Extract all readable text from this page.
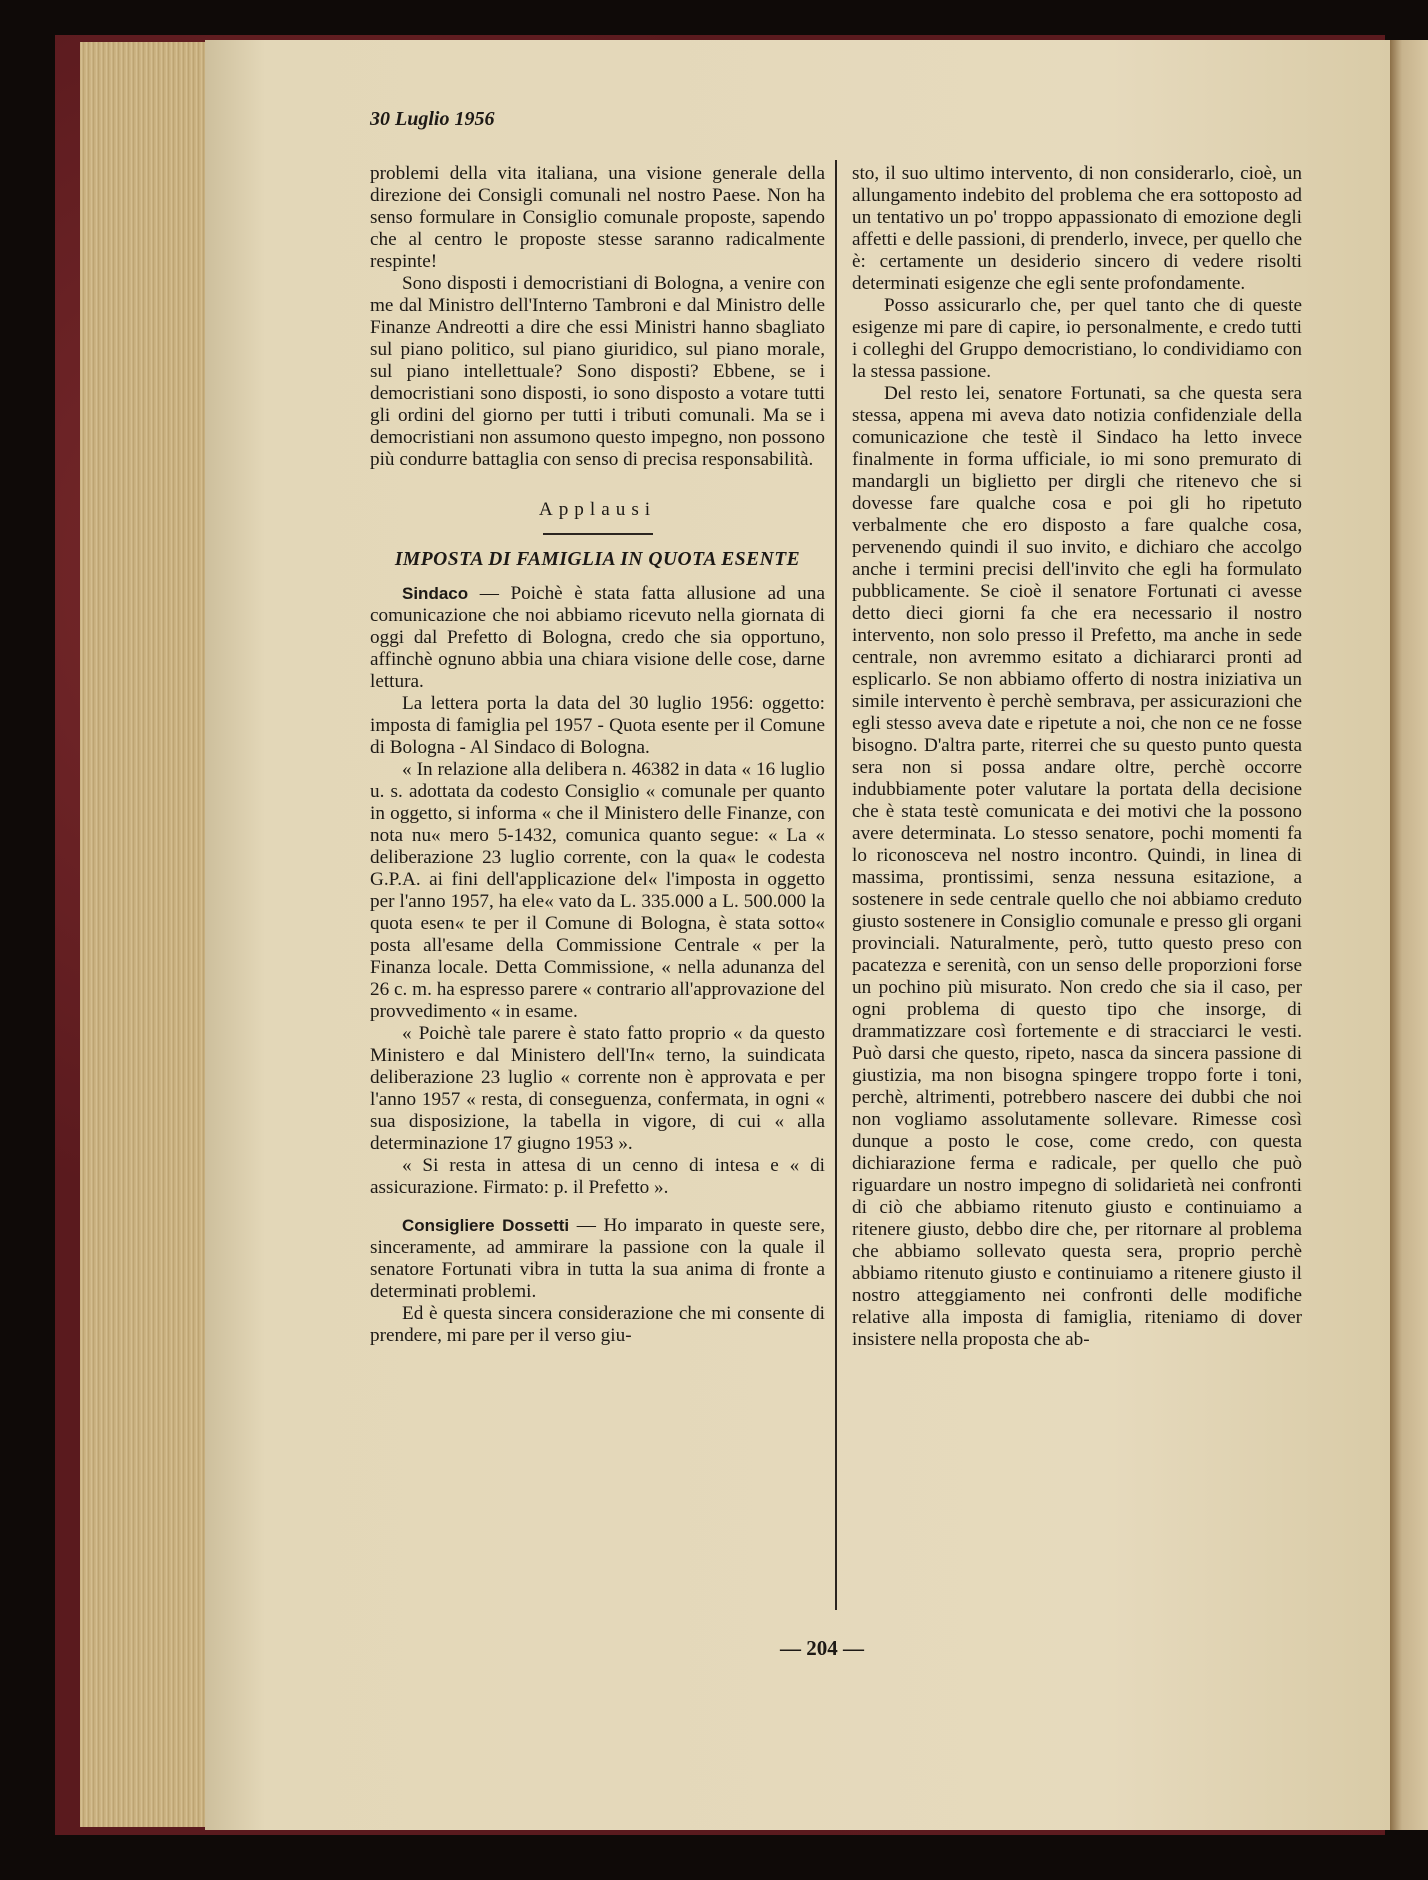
30 Luglio 1956

problemi della vita italiana, una visione generale della direzione dei Consigli comunali nel nostro Paese. Non ha senso formulare in Consiglio comunale proposte, sapendo che al centro le proposte stesse saranno radicalmente respinte!

Sono disposti i democristiani di Bologna, a venire con me dal Ministro dell'Interno Tambroni e dal Ministro delle Finanze Andreotti a dire che essi Ministri hanno sbagliato sul piano politico, sul piano giuridico, sul piano morale, sul piano intellettuale? Sono disposti? Ebbene, se i democristiani sono disposti, io sono disposto a votare tutti gli ordini del giorno per tutti i tributi comunali. Ma se i democristiani non assumono questo impegno, non possono più condurre battaglia con senso di precisa responsabilità.

Applausi

IMPOSTA DI FAMIGLIA IN QUOTA ESENTE

Sindaco — Poichè è stata fatta allusione ad una comunicazione che noi abbiamo ricevuto nella giornata di oggi dal Prefetto di Bologna, credo che sia opportuno, affinchè ognuno abbia una chiara visione delle cose, darne lettura.

La lettera porta la data del 30 luglio 1956: oggetto: imposta di famiglia pel 1957 - Quota esente per il Comune di Bologna - Al Sindaco di Bologna.

« In relazione alla delibera n. 46382 in data « 16 luglio u. s. adottata da codesto Consiglio « comunale per quanto in oggetto, si informa « che il Ministero delle Finanze, con nota nu« mero 5-1432, comunica quanto segue: « La « deliberazione 23 luglio corrente, con la qua« le codesta G.P.A. ai fini dell'applicazione del« l'imposta in oggetto per l'anno 1957, ha ele« vato da L. 335.000 a L. 500.000 la quota esen« te per il Comune di Bologna, è stata sotto« posta all'esame della Commissione Centrale « per la Finanza locale. Detta Commissione, « nella adunanza del 26 c. m. ha espresso parere « contrario all'approvazione del provvedimento « in esame.

« Poichè tale parere è stato fatto proprio « da questo Ministero e dal Ministero dell'In« terno, la suindicata deliberazione 23 luglio « corrente non è approvata e per l'anno 1957 « resta, di conseguenza, confermata, in ogni « sua disposizione, la tabella in vigore, di cui « alla determinazione 17 giugno 1953 ».

« Si resta in attesa di un cenno di intesa e « di assicurazione. Firmato: p. il Prefetto ».

Consigliere Dossetti — Ho imparato in queste sere, sinceramente, ad ammirare la passione con la quale il senatore Fortunati vibra in tutta la sua anima di fronte a determinati problemi.

Ed è questa sincera considerazione che mi consente di prendere, mi pare per il verso giu-

sto, il suo ultimo intervento, di non considerarlo, cioè, un allungamento indebito del problema che era sottoposto ad un tentativo un po' troppo appassionato di emozione degli affetti e delle passioni, di prenderlo, invece, per quello che è: certamente un desiderio sincero di vedere risolti determinati esigenze che egli sente profondamente.

Posso assicurarlo che, per quel tanto che di queste esigenze mi pare di capire, io personalmente, e credo tutti i colleghi del Gruppo democristiano, lo condividiamo con la stessa passione.

Del resto lei, senatore Fortunati, sa che questa sera stessa, appena mi aveva dato notizia confidenziale della comunicazione che testè il Sindaco ha letto invece finalmente in forma ufficiale, io mi sono premurato di mandargli un biglietto per dirgli che ritenevo che si dovesse fare qualche cosa e poi gli ho ripetuto verbalmente che ero disposto a fare qualche cosa, pervenendo quindi il suo invito, e dichiaro che accolgo anche i termini precisi dell'invito che egli ha formulato pubblicamente. Se cioè il senatore Fortunati ci avesse detto dieci giorni fa che era necessario il nostro intervento, non solo presso il Prefetto, ma anche in sede centrale, non avremmo esitato a dichiararci pronti ad esplicarlo. Se non abbiamo offerto di nostra iniziativa un simile intervento è perchè sembrava, per assicurazioni che egli stesso aveva date e ripetute a noi, che non ce ne fosse bisogno. D'altra parte, riterrei che su questo punto questa sera non si possa andare oltre, perchè occorre indubbiamente poter valutare la portata della decisione che è stata testè comunicata e dei motivi che la possono avere determinata. Lo stesso senatore, pochi momenti fa lo riconosceva nel nostro incontro. Quindi, in linea di massima, prontissimi, senza nessuna esitazione, a sostenere in sede centrale quello che noi abbiamo creduto giusto sostenere in Consiglio comunale e presso gli organi provinciali. Naturalmente, però, tutto questo preso con pacatezza e serenità, con un senso delle proporzioni forse un pochino più misurato. Non credo che sia il caso, per ogni problema di questo tipo che insorge, di drammatizzare così fortemente e di stracciarci le vesti. Può darsi che questo, ripeto, nasca da sincera passione di giustizia, ma non bisogna spingere troppo forte i toni, perchè, altrimenti, potrebbero nascere dei dubbi che noi non vogliamo assolutamente sollevare. Rimesse così dunque a posto le cose, come credo, con questa dichiarazione ferma e radicale, per quello che può riguardare un nostro impegno di solidarietà nei confronti di ciò che abbiamo ritenuto giusto e continuiamo a ritenere giusto, debbo dire che, per ritornare al problema che abbiamo sollevato questa sera, proprio perchè abbiamo ritenuto giusto e continuiamo a ritenere giusto il nostro atteggiamento nei confronti delle modifiche relative alla imposta di famiglia, riteniamo di dover insistere nella proposta che ab-

— 204 —
